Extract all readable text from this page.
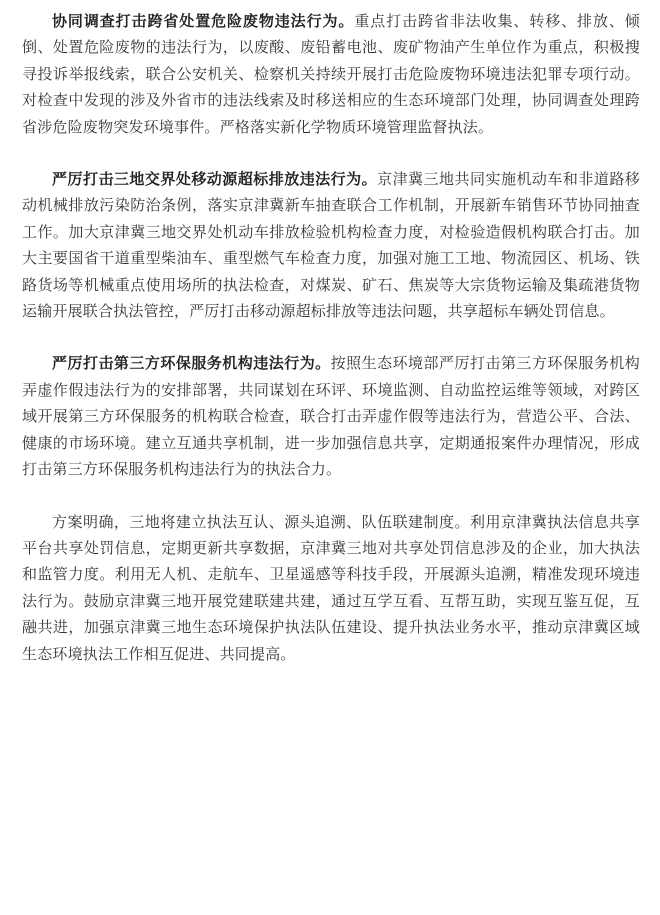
协同调查打击跨省处置危险废物违法行为。重点打击跨省非法收集、转移、排放、倾倒、处置危险废物的违法行为，以废酸、废铅蓄电池、废矿物油产生单位作为重点，积极搜寻投诉举报线索，联合公安机关、检察机关持续开展打击危险废物环境违法犯罪专项行动。对检查中发现的涉及外省市的违法线索及时移送相应的生态环境部门处理，协同调查处理跨省涉危险废物突发环境事件。严格落实新化学物质环境管理监督执法。

严厉打击三地交界处移动源超标排放违法行为。京津冀三地共同实施机动车和非道路移动机械排放污染防治条例，落实京津冀新车抽查联合工作机制，开展新车销售环节协同抽查工作。加大京津冀三地交界处机动车排放检验机构检查力度，对检验造假机构联合打击。加大主要国省干道重型柴油车、重型燃气车检查力度，加强对施工工地、物流园区、机场、铁路货场等机械重点使用场所的执法检查，对煤炭、矿石、焦炭等大宗货物运输及集疏港货物运输开展联合执法管控，严厉打击移动源超标排放等违法问题，共享超标车辆处罚信息。

严厉打击第三方环保服务机构违法行为。按照生态环境部严厉打击第三方环保服务机构弄虚作假违法行为的安排部署，共同谋划在环评、环境监测、自动监控运维等领域，对跨区域开展第三方环保服务的机构联合检查，联合打击弄虚作假等违法行为，营造公平、合法、健康的市场环境。建立互通共享机制，进一步加强信息共享，定期通报案件办理情况，形成打击第三方环保服务机构违法行为的执法合力。

方案明确，三地将建立执法互认、源头追溯、队伍联建制度。利用京津冀执法信息共享平台共享处罚信息，定期更新共享数据，京津冀三地对共享处罚信息涉及的企业，加大执法和监管力度。利用无人机、走航车、卫星遥感等科技手段，开展源头追溯，精准发现环境违法行为。鼓励京津冀三地开展党建联建共建，通过互学互看、互帮互助，实现互鉴互促，互融共进，加强京津冀三地生态环境保护执法队伍建设、提升执法业务水平，推动京津冀区域生态环境执法工作相互促进、共同提高。
